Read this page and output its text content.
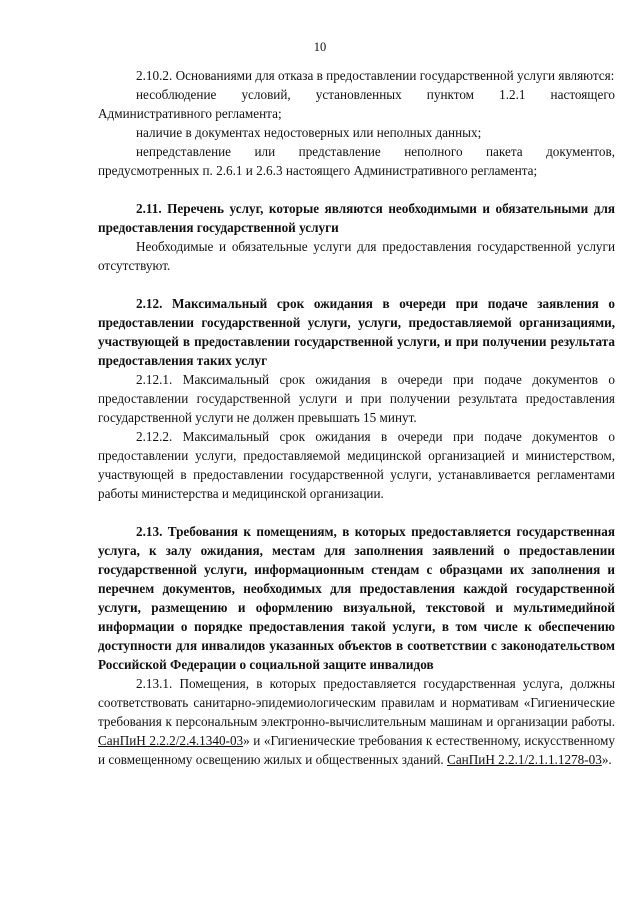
10

2.10.2. Основаниями для отказа в предоставлении государственной услуги являются:

несоблюдение условий, установленных пунктом 1.2.1 настоящего Административного регламента;

наличие в документах недостоверных или неполных данных;

непредставление или представление неполного пакета документов, предусмотренных п. 2.6.1 и 2.6.3 настоящего Административного регламента;

2.11. Перечень услуг, которые являются необходимыми и обязательными для предоставления государственной услуги

Необходимые и обязательные услуги для предоставления государственной услуги отсутствуют.

2.12. Максимальный срок ожидания в очереди при подаче заявления о предоставлении государственной услуги, услуги, предоставляемой организациями, участвующей в предоставлении государственной услуги, и при получении результата предоставления таких услуг

2.12.1. Максимальный срок ожидания в очереди при подаче документов о предоставлении государственной услуги и при получении результата предоставления государственной услуги не должен превышать 15 минут.

2.12.2. Максимальный срок ожидания в очереди при подаче документов о предоставлении услуги, предоставляемой медицинской организацией и министерством, участвующей в предоставлении государственной услуги, устанавливается регламентами работы министерства и медицинской организации.

2.13. Требования к помещениям, в которых предоставляется государственная услуга, к залу ожидания, местам для заполнения заявлений о предоставлении государственной услуги, информационным стендам с образцами их заполнения и перечнем документов, необходимых для предоставления каждой государственной услуги, размещению и оформлению визуальной, текстовой и мультимедийной информации о порядке предоставления такой услуги, в том числе к обеспечению доступности для инвалидов указанных объектов в соответствии с законодательством Российской Федерации о социальной защите инвалидов

2.13.1. Помещения, в которых предоставляется государственная услуга, должны соответствовать санитарно-эпидемиологическим правилам и нормативам «Гигиенические требования к персональным электронно-вычислительным машинам и организации работы. СанПиН 2.2.2/2.4.1340-03» и «Гигиенические требования к естественному, искусственному и совмещенному освещению жилых и общественных зданий. СанПиН 2.2.1/2.1.1.1278-03».
